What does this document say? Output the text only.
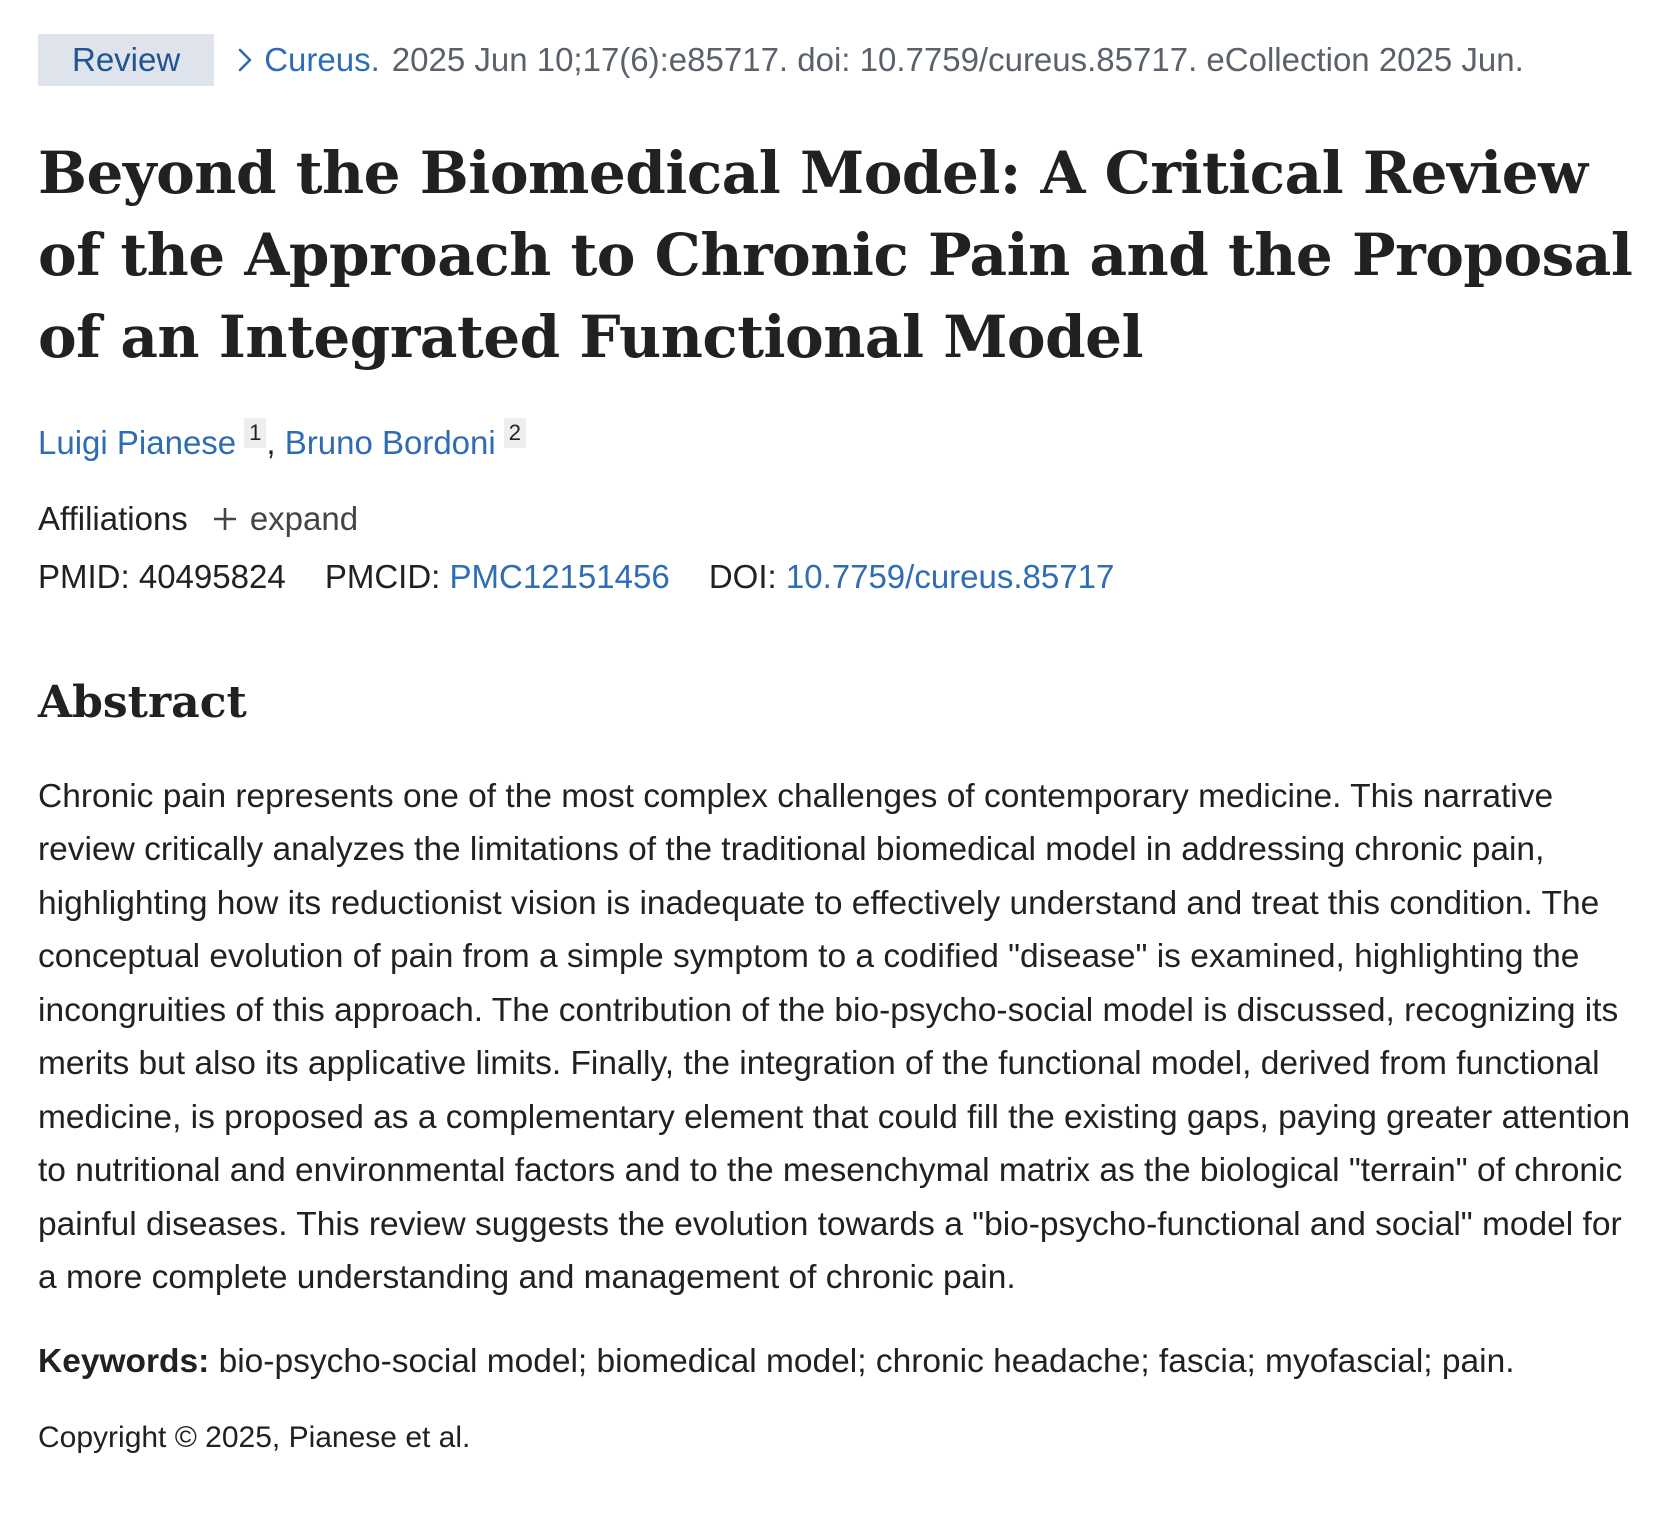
Review	Cureus. 2025 Jun 10;17(6):e85717. doi: 10.7759/cureus.85717. eCollection 2025 Jun.
Beyond the Biomedical Model: A Critical Review of the Approach to Chronic Pain and the Proposal of an Integrated Functional Model
Luigi Pianese 1 , Bruno Bordoni 2
Affiliations expand
PMID: 40495824 PMCID: PMC12151456 DOI: 10.7759/cureus.85717
Abstract

Chronic pain represents one of the most complex challenges of contemporary medicine. This narrative review critically analyzes the limitations of the traditional biomedical model in addressing chronic pain, highlighting how its reductionist vision is inadequate to effectively understand and treat this condition. The conceptual evolution of pain from a simple symptom to a codified "disease" is examined, highlighting the incongruities of this approach. The contribution of the bio-psycho-social model is discussed, recognizing its merits but also its applicative limits. Finally, the integration of the functional model, derived from functional medicine, is proposed as a complementary element that could fill the existing gaps, paying greater attention to nutritional and environmental factors and to the mesenchymal matrix as the biological "terrain" of chronic painful diseases. This review suggests the evolution towards a "bio-psycho-functional and social" model for a more complete understanding and management of chronic pain.

Keywords: bio-psycho-social model; biomedical model; chronic headache; fascia; myofascial; pain.
Copyright © 2025, Pianese et al.
